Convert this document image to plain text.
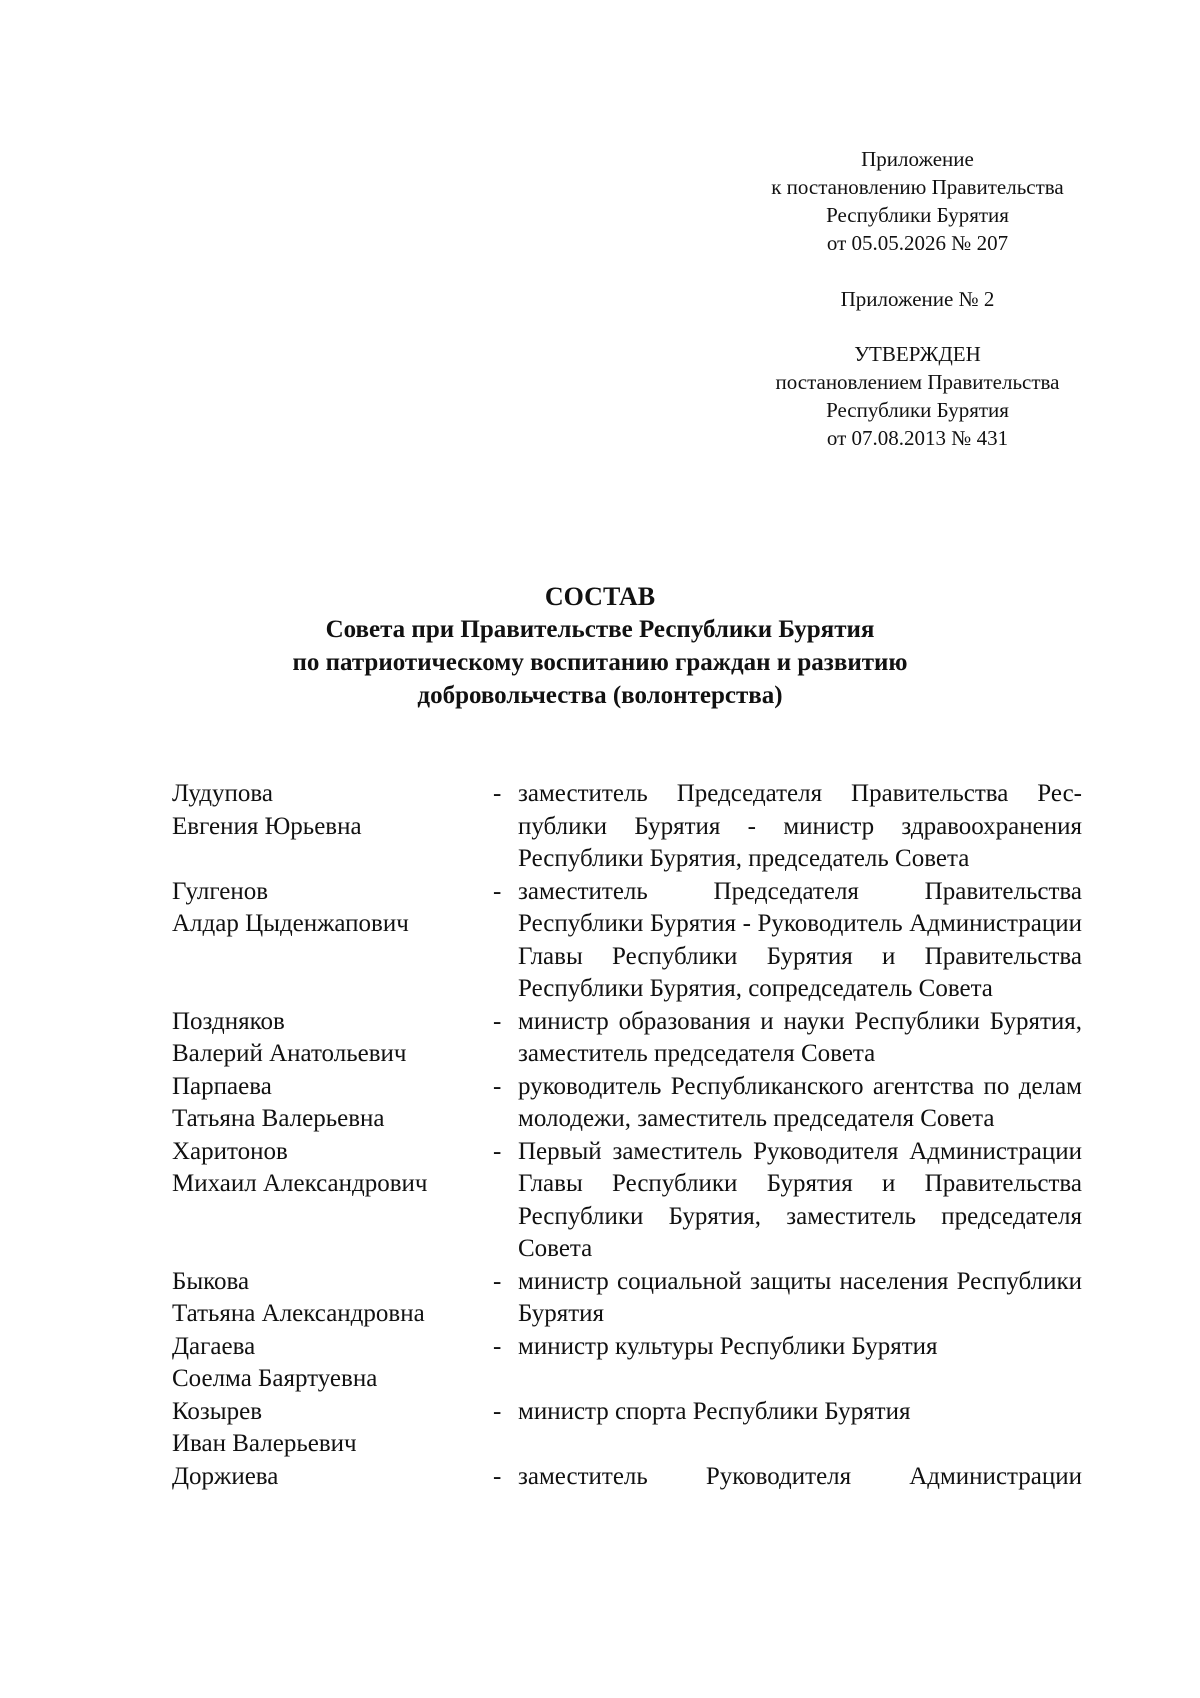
Приложение
к постановлению Правительства
Республики Бурятия
от 05.05.2026 № 207
Приложение № 2
УТВЕРЖДЕН
постановлением Правительства
Республики Бурятия
от 07.08.2013 № 431
СОСТАВ
Совета при Правительстве Республики Бурятия
по патриотическому воспитанию граждан и развитию
добровольчества (волонтерства)
Лудупова
Евгения Юрьевна
- заместитель Председателя Правительства Республики Бурятия - министр здравоохранения Республики Бурятия, председатель Совета
Гулгенов
Алдар Цыденжапович
- заместитель Председателя Правительства Республики Бурятия - Руководитель Администрации Главы Республики Бурятия и Правительства Республики Бурятия, сопредседатель Совета
Поздняков
Валерий Анатольевич
- министр образования и науки Республики Бурятия, заместитель председателя Совета
Парпаева
Татьяна Валерьевна
- руководитель Республиканского агентства по делам молодежи, заместитель председателя Совета
Харитонов
Михаил Александрович
- Первый заместитель Руководителя Администрации Главы Республики Бурятия и Правительства Республики Бурятия, заместитель председателя Совета
Быкова
Татьяна Александровна
- министр социальной защиты населения Республики Бурятия
Дагаева
Соелма Баяртуевна
- министр культуры Республики Бурятия
Козырев
Иван Валерьевич
- министр спорта Республики Бурятия
Доржиева	- заместитель Руководителя Администрации
